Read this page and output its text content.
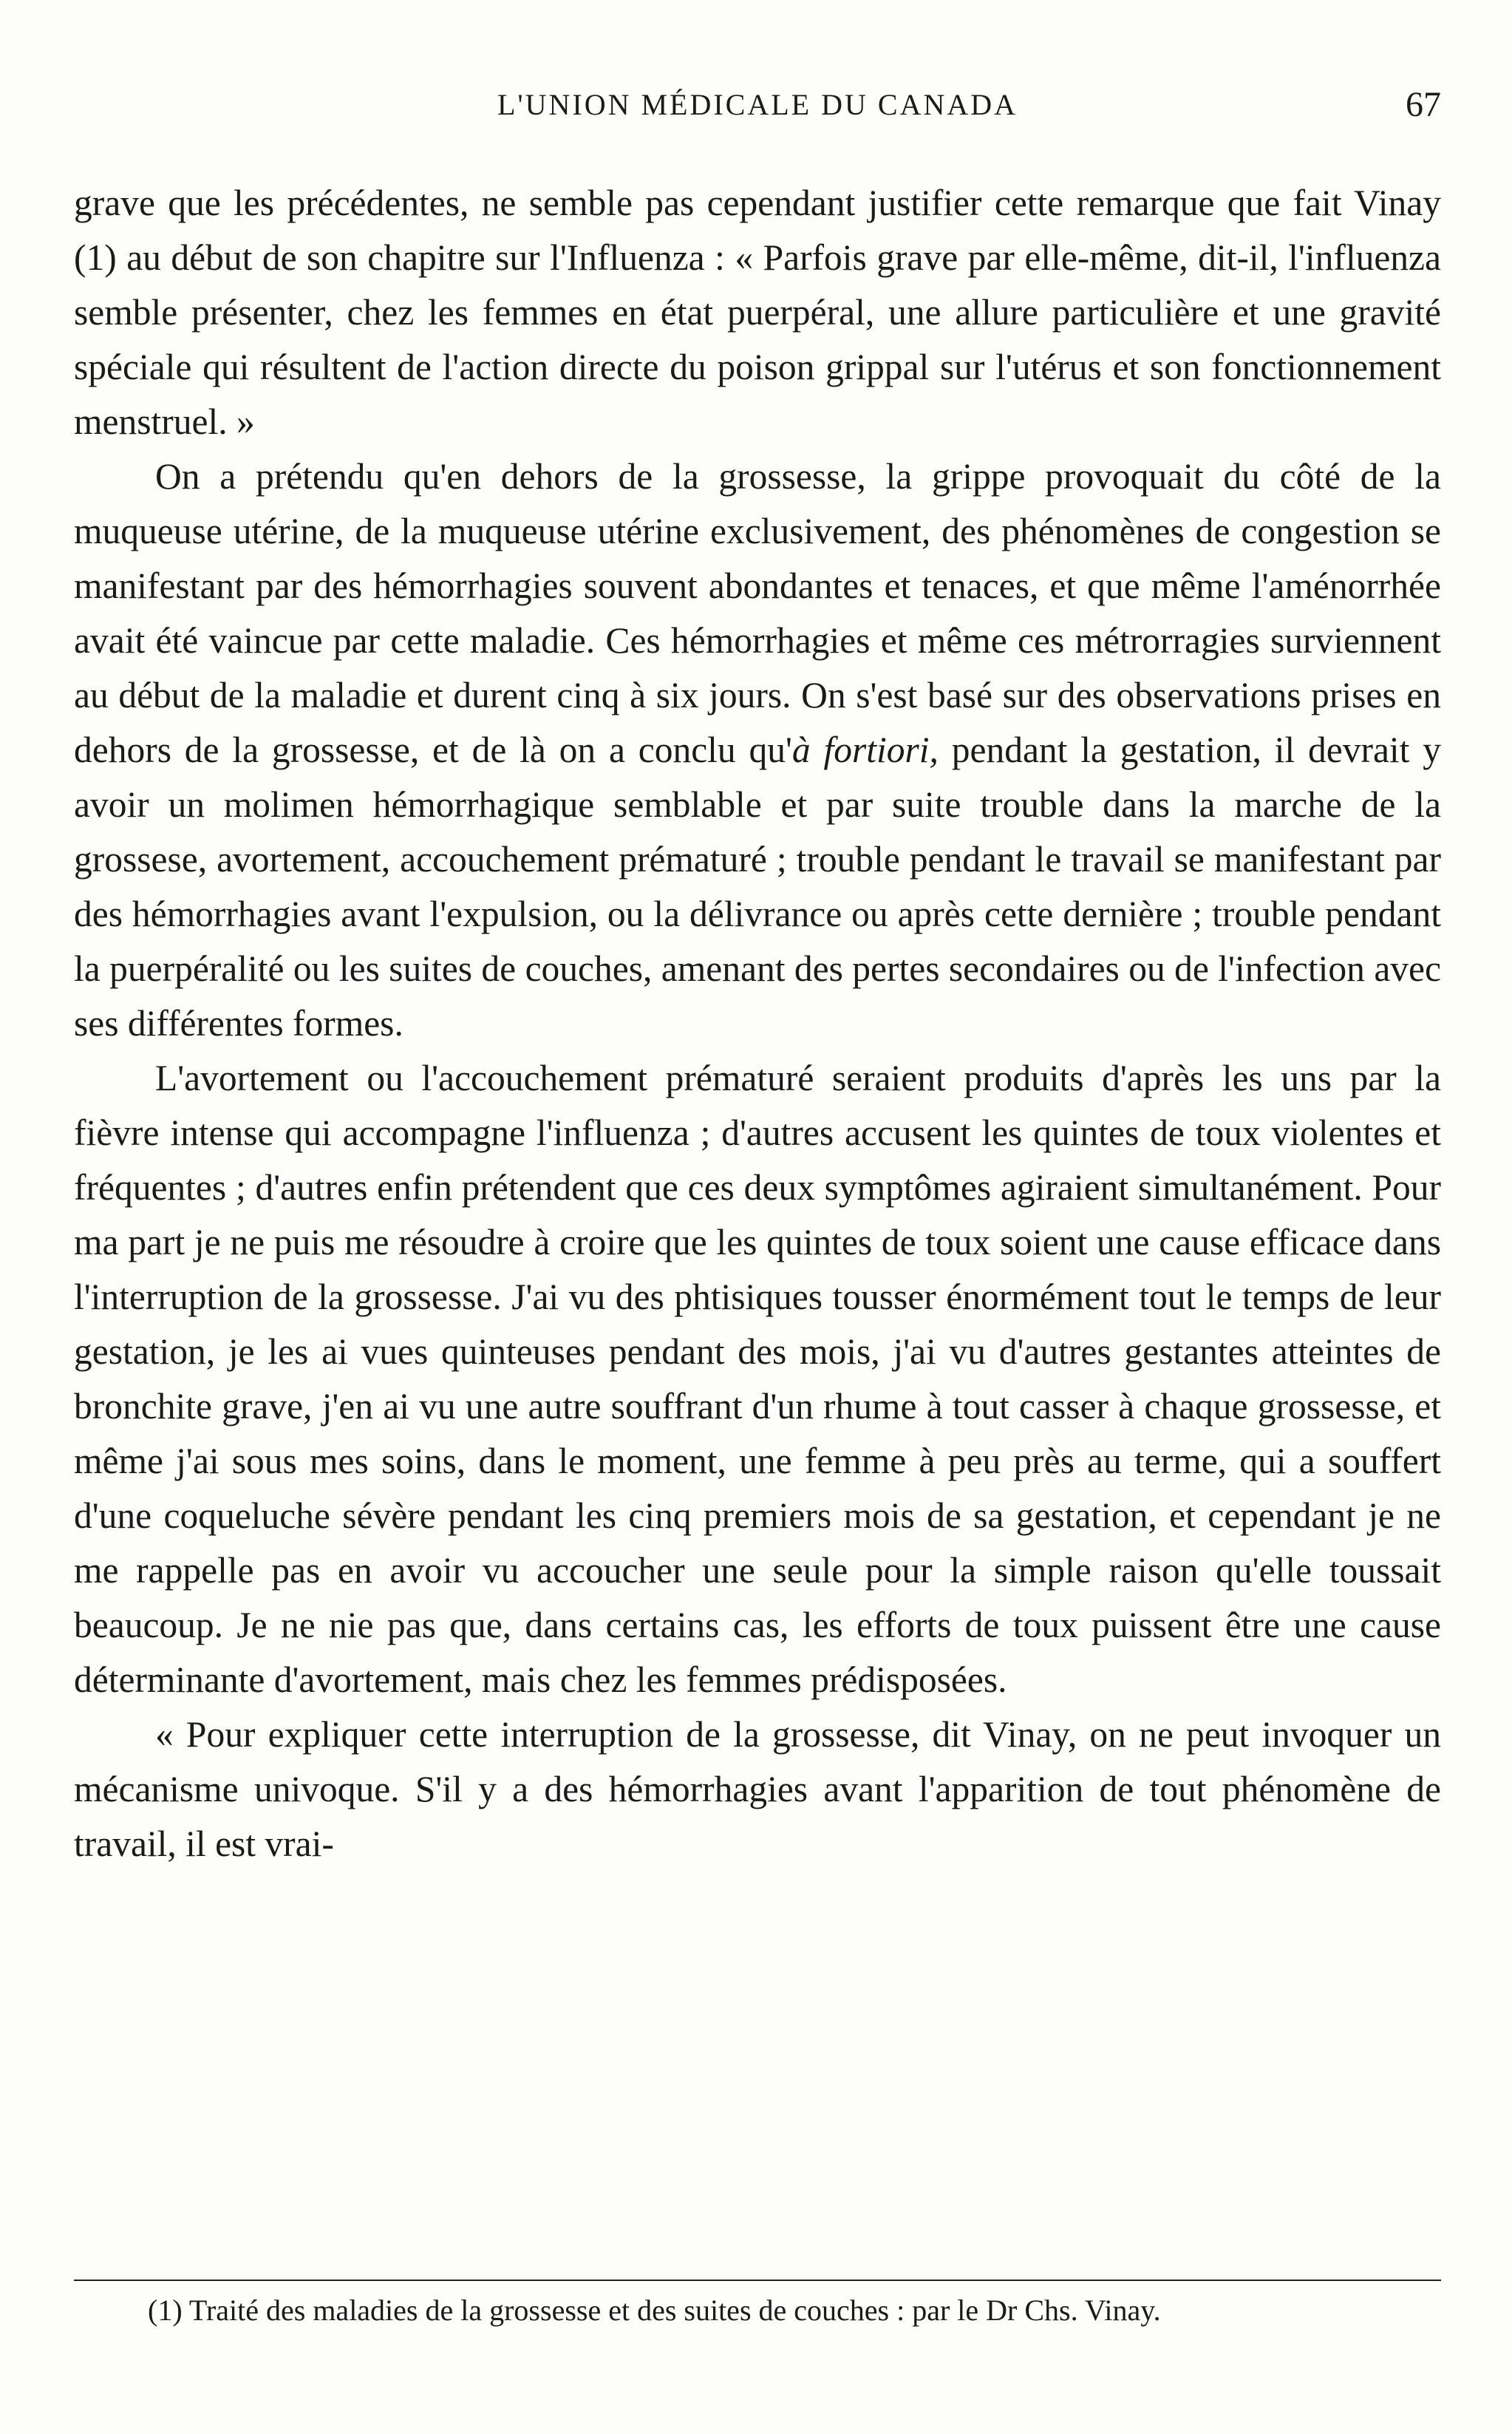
L'UNION MÉDICALE DU CANADA	67

grave que les précédentes, ne semble pas cependant justifier cette remarque que fait Vinay (1) au début de son chapitre sur l'Influenza : « Parfois grave par elle-même, dit-il, l'influenza semble présenter, chez les femmes en état puerpéral, une allure particulière et une gravité spéciale qui résultent de l'action directe du poison grippal sur l'utérus et son fonctionnement menstruel. »

On a prétendu qu'en dehors de la grossesse, la grippe provoquait du côté de la muqueuse utérine, de la muqueuse utérine exclusivement, des phénomènes de congestion se manifestant par des hémorrhagies souvent abondantes et tenaces, et que même l'aménorrhée avait été vaincue par cette maladie. Ces hémorrhagies et même ces métrorragies surviennent au début de la maladie et durent cinq à six jours. On s'est basé sur des observations prises en dehors de la grossesse, et de là on a conclu qu'à fortiori, pendant la gestation, il devrait y avoir un molimen hémorrhagique semblable et par suite trouble dans la marche de la grossese, avortement, accouchement prématuré ; trouble pendant le travail se manifestant par des hémorrhagies avant l'expulsion, ou la délivrance ou après cette dernière ; trouble pendant la puerpéralité ou les suites de couches, amenant des pertes secondaires ou de l'infection avec ses différentes formes.

L'avortement ou l'accouchement prématuré seraient produits d'après les uns par la fièvre intense qui accompagne l'influenza ; d'autres accusent les quintes de toux violentes et fréquentes ; d'autres enfin prétendent que ces deux symptômes agiraient simultanément. Pour ma part je ne puis me résoudre à croire que les quintes de toux soient une cause efficace dans l'interruption de la grossesse. J'ai vu des phtisiques tousser énormément tout le temps de leur gestation, je les ai vues quinteuses pendant des mois, j'ai vu d'autres gestantes atteintes de bronchite grave, j'en ai vu une autre souffrant d'un rhume à tout casser à chaque grossesse, et même j'ai sous mes soins, dans le moment, une femme à peu près au terme, qui a souffert d'une coqueluche sévère pendant les cinq premiers mois de sa gestation, et cependant je ne me rappelle pas en avoir vu accoucher une seule pour la simple raison qu'elle toussait beaucoup. Je ne nie pas que, dans certains cas, les efforts de toux puissent être une cause déterminante d'avortement, mais chez les femmes prédisposées.

« Pour expliquer cette interruption de la grossesse, dit Vinay, on ne peut invoquer un mécanisme univoque. S'il y a des hémorrhagies avant l'apparition de tout phénomène de travail, il est vrai-

(1) Traité des maladies de la grossesse et des suites de couches : par le Dr Chs. Vinay.
